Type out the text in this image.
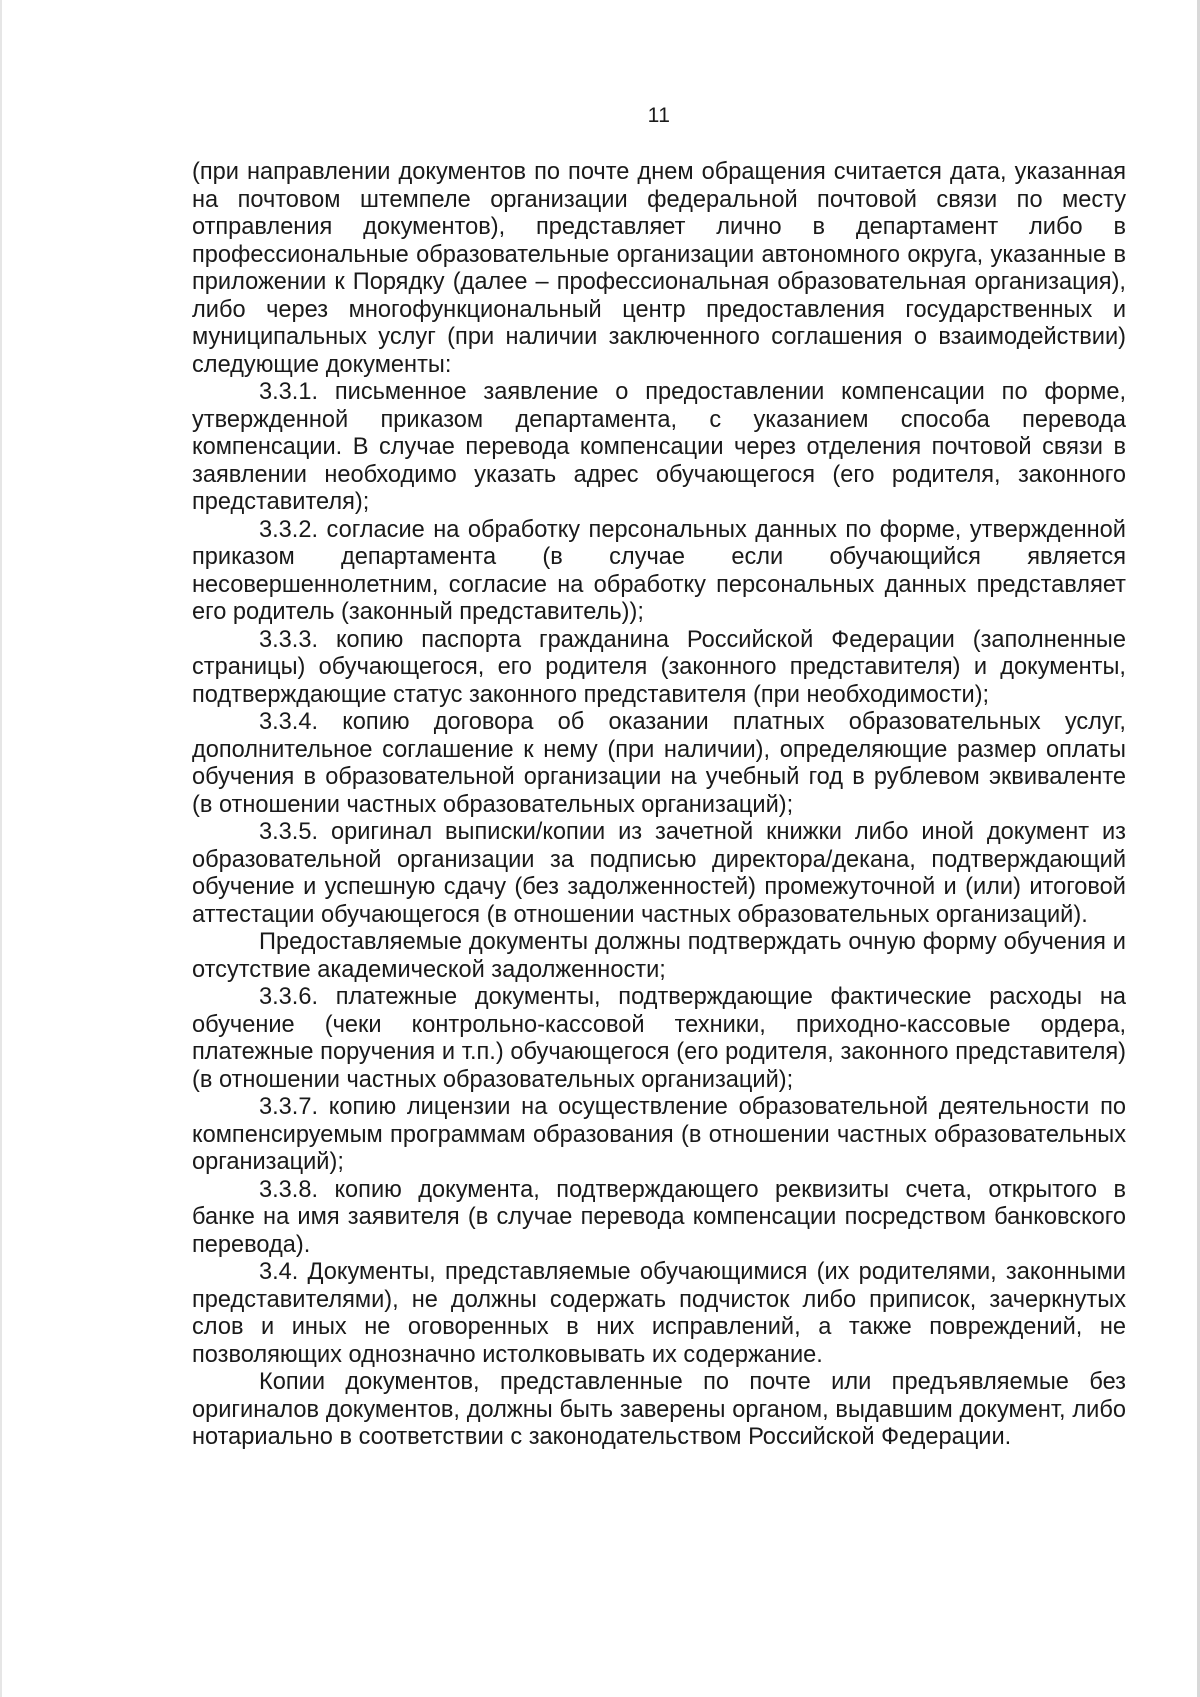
11

(при направлении документов по почте днем обращения считается дата, указанная на почтовом штемпеле организации федеральной почтовой связи по месту отправления документов), представляет лично в департамент либо в профессиональные образовательные организации автономного округа, указанные в приложении к Порядку (далее – профессиональная образовательная организация), либо через многофункциональный центр предоставления государственных и муниципальных услуг (при наличии заключенного соглашения о взаимодействии) следующие документы:

3.3.1. письменное заявление о предоставлении компенсации по форме, утвержденной приказом департамента, с указанием способа перевода компенсации. В случае перевода компенсации через отделения почтовой связи в заявлении необходимо указать адрес обучающегося (его родителя, законного представителя);

3.3.2. согласие на обработку персональных данных по форме, утвержденной приказом департамента (в случае если обучающийся является несовершеннолетним, согласие на обработку персональных данных представляет его родитель (законный представитель));

3.3.3. копию паспорта гражданина Российской Федерации (заполненные страницы) обучающегося, его родителя (законного представителя) и документы, подтверждающие статус законного представителя (при необходимости);

3.3.4. копию договора об оказании платных образовательных услуг, дополнительное соглашение к нему (при наличии), определяющие размер оплаты обучения в образовательной организации на учебный год в рублевом эквиваленте (в отношении частных образовательных организаций);

3.3.5. оригинал выписки/копии из зачетной книжки либо иной документ из образовательной организации за подписью директора/декана, подтверждающий обучение и успешную сдачу (без задолженностей) промежуточной и (или) итоговой аттестации обучающегося (в отношении частных образовательных организаций).

Предоставляемые документы должны подтверждать очную форму обучения и отсутствие академической задолженности;

3.3.6. платежные документы, подтверждающие фактические расходы на обучение (чеки контрольно-кассовой техники, приходно-кассовые ордера, платежные поручения и т.п.) обучающегося (его родителя, законного представителя) (в отношении частных образовательных организаций);

3.3.7. копию лицензии на осуществление образовательной деятельности по компенсируемым программам образования (в отношении частных образовательных организаций);

3.3.8. копию документа, подтверждающего реквизиты счета, открытого в банке на имя заявителя (в случае перевода компенсации посредством банковского перевода).

3.4. Документы, представляемые обучающимися (их родителями, законными представителями), не должны содержать подчисток либо приписок, зачеркнутых слов и иных не оговоренных в них исправлений, а также повреждений, не позволяющих однозначно истолковывать их содержание.

Копии документов, представленные по почте или предъявляемые без оригиналов документов, должны быть заверены органом, выдавшим документ, либо нотариально в соответствии с законодательством Российской Федерации.
